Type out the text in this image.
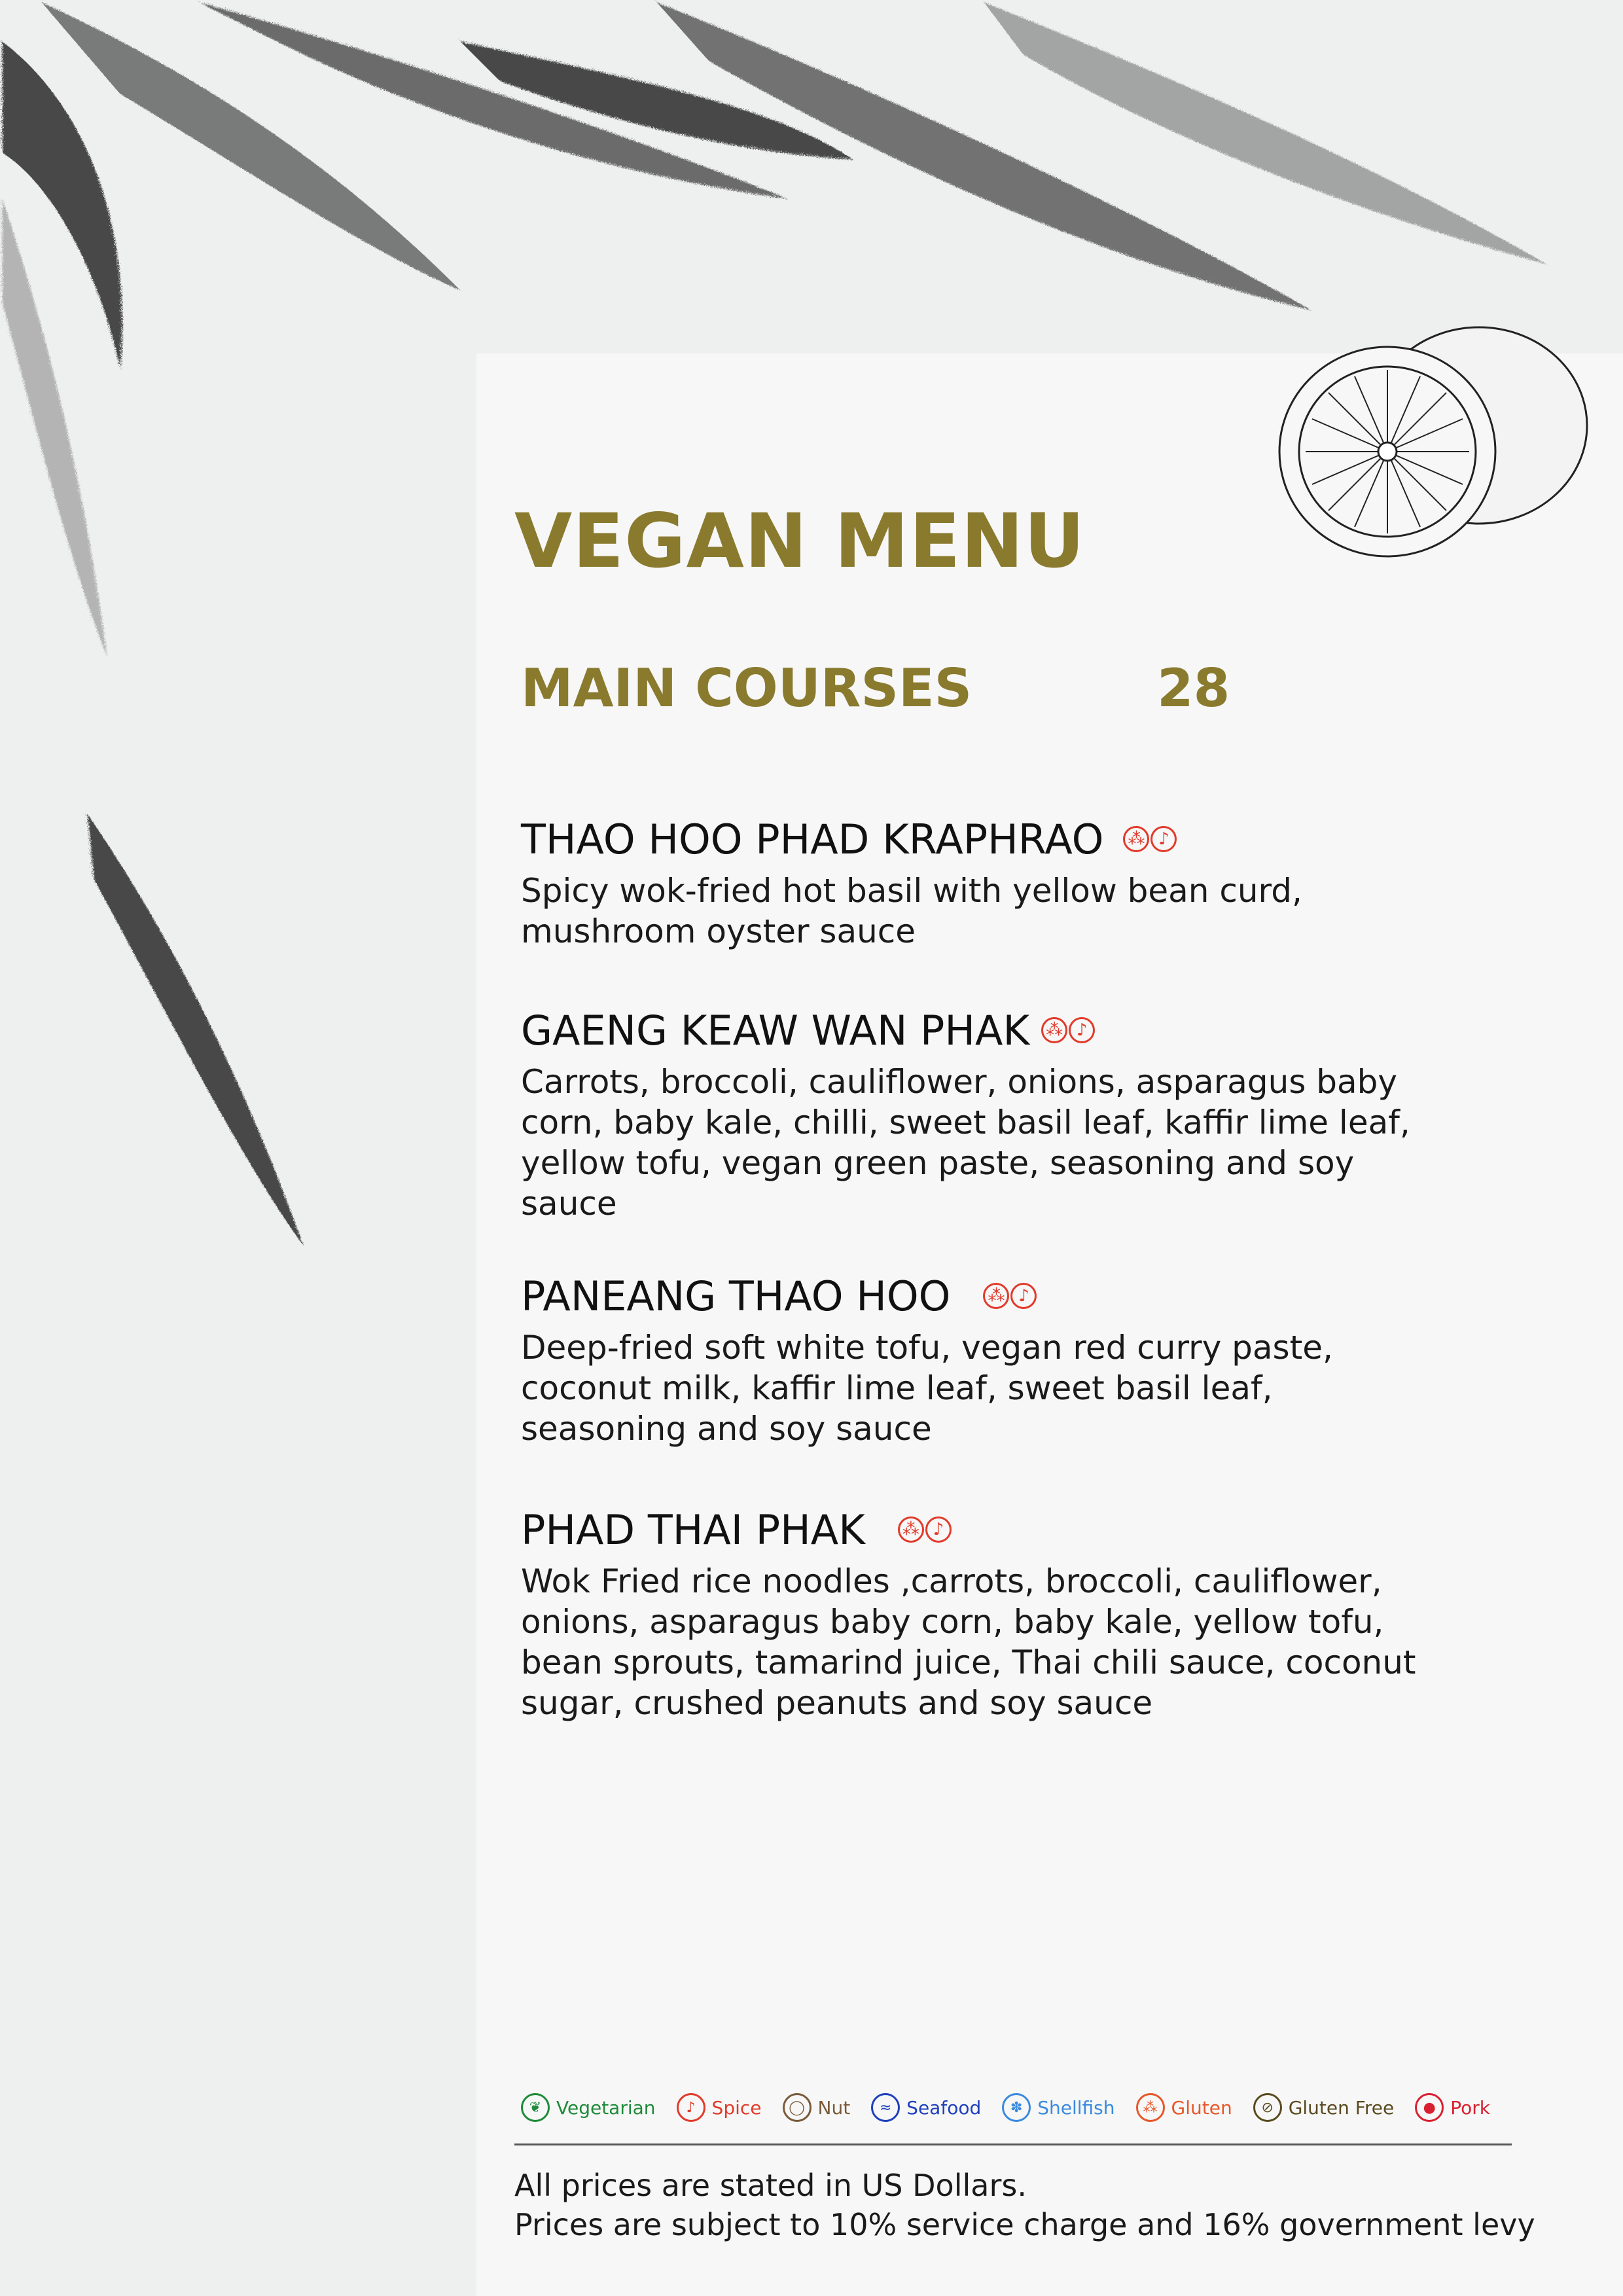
VEGAN MENU
MAIN COURSES	28
THAO HOO PHAD KRAPHRAO ⁂ ♪
Spicy wok-fried hot basil with yellow bean curd, mushroom oyster sauce
GAENG KEAW WAN PHAK ⁂ ♪
Carrots, broccoli, cauliflower, onions, asparagus baby corn, baby kale, chilli, sweet basil leaf, kaffir lime leaf, yellow tofu, vegan green paste, seasoning and soy sauce
PANEANG THAO HOO ⁂ ♪
Deep-fried soft white tofu, vegan red curry paste, coconut milk, kaffir lime leaf, sweet basil leaf, seasoning and soy sauce
PHAD THAI PHAK ⁂ ♪
Wok Fried rice noodles ,carrots, broccoli, cauliflower, onions, asparagus baby corn, baby kale, yellow tofu, bean sprouts, tamarind juice, Thai chili sauce, coconut sugar, crushed peanuts and soy sauce
❦ Vegetarian	♪ Spice	◯ Nut	≈ Seafood	✽ Shellfish	⁂ Gluten	⊘ Gluten Free	● Pork
All prices are stated in US Dollars.
Prices are subject to 10% service charge and 16% government levy
